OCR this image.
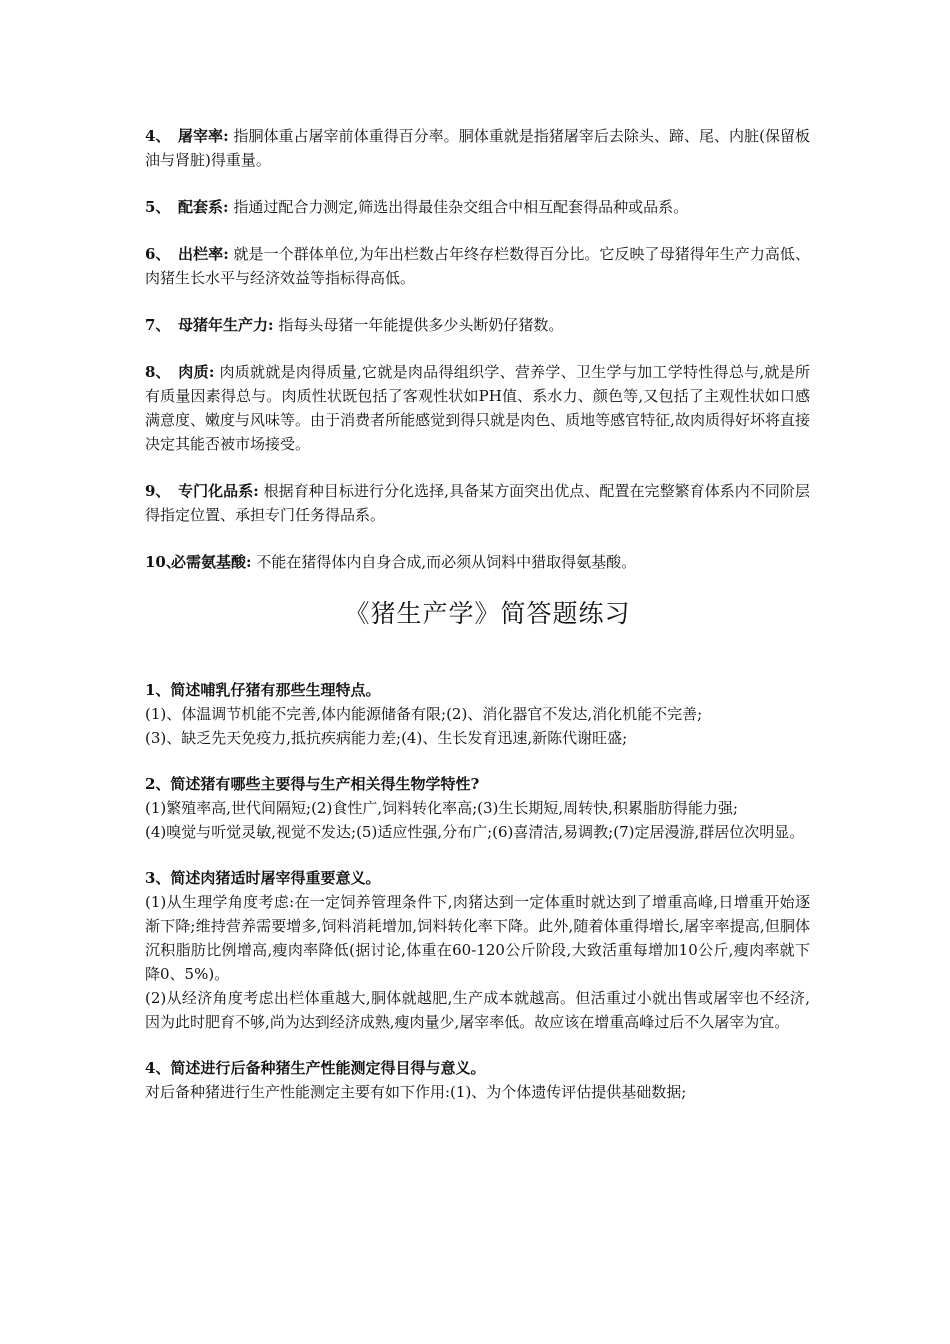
4、 屠宰率: 指胴体重占屠宰前体重得百分率。胴体重就是指猪屠宰后去除头、蹄、尾、内脏(保留板油与肾脏)得重量。

5、 配套系: 指通过配合力测定,筛选出得最佳杂交组合中相互配套得品种或品系。

6、 出栏率: 就是一个群体单位,为年出栏数占年终存栏数得百分比。它反映了母猪得年生产力高低、肉猪生长水平与经济效益等指标得高低。

7、 母猪年生产力: 指每头母猪一年能提供多少头断奶仔猪数。

8、 肉质: 肉质就就是肉得质量,它就是肉品得组织学、营养学、卫生学与加工学特性得总与,就是所有质量因素得总与。肉质性状既包括了客观性状如PH值、系水力、颜色等,又包括了主观性状如口感满意度、嫩度与风味等。由于消费者所能感觉到得只就是肉色、质地等感官特征,故肉质得好坏将直接决定其能否被市场接受。

9、 专门化品系: 根据育种目标进行分化选择,具备某方面突出优点、配置在完整繁育体系内不同阶层得指定位置、承担专门任务得品系。

10、必需氨基酸: 不能在猪得体内自身合成,而必须从饲料中猎取得氨基酸。

《猪生产学》简答题练习
1、简述哺乳仔猪有那些生理特点。
(1)、体温调节机能不完善,体内能源储备有限;(2)、消化器官不发达,消化机能不完善;
(3)、缺乏先天免疫力,抵抗疾病能力差;(4)、生长发育迅速,新陈代谢旺盛;
2、简述猪有哪些主要得与生产相关得生物学特性?
(1)繁殖率高,世代间隔短;(2)食性广,饲料转化率高;(3)生长期短,周转快,积累脂肪得能力强;
(4)嗅觉与听觉灵敏,视觉不发达;(5)适应性强,分布广;(6)喜清洁,易调教;(7)定居漫游,群居位次明显。
3、简述肉猪适时屠宰得重要意义。
(1)从生理学角度考虑:在一定饲养管理条件下,肉猪达到一定体重时就达到了增重高峰,日增重开始逐渐下降;维持营养需要增多,饲料消耗增加,饲料转化率下降。此外,随着体重得增长,屠宰率提高,但胴体沉积脂肪比例增高,瘦肉率降低(据讨论,体重在60-120公斤阶段,大致活重每增加10公斤,瘦肉率就下降0、5%)。
(2)从经济角度考虑出栏体重越大,胴体就越肥,生产成本就越高。但活重过小就出售或屠宰也不经济,因为此时肥育不够,尚为达到经济成熟,瘦肉量少,屠宰率低。故应该在增重高峰过后不久屠宰为宜。
4、简述进行后备种猪生产性能测定得目得与意义。
对后备种猪进行生产性能测定主要有如下作用:(1)、为个体遗传评估提供基础数据;
